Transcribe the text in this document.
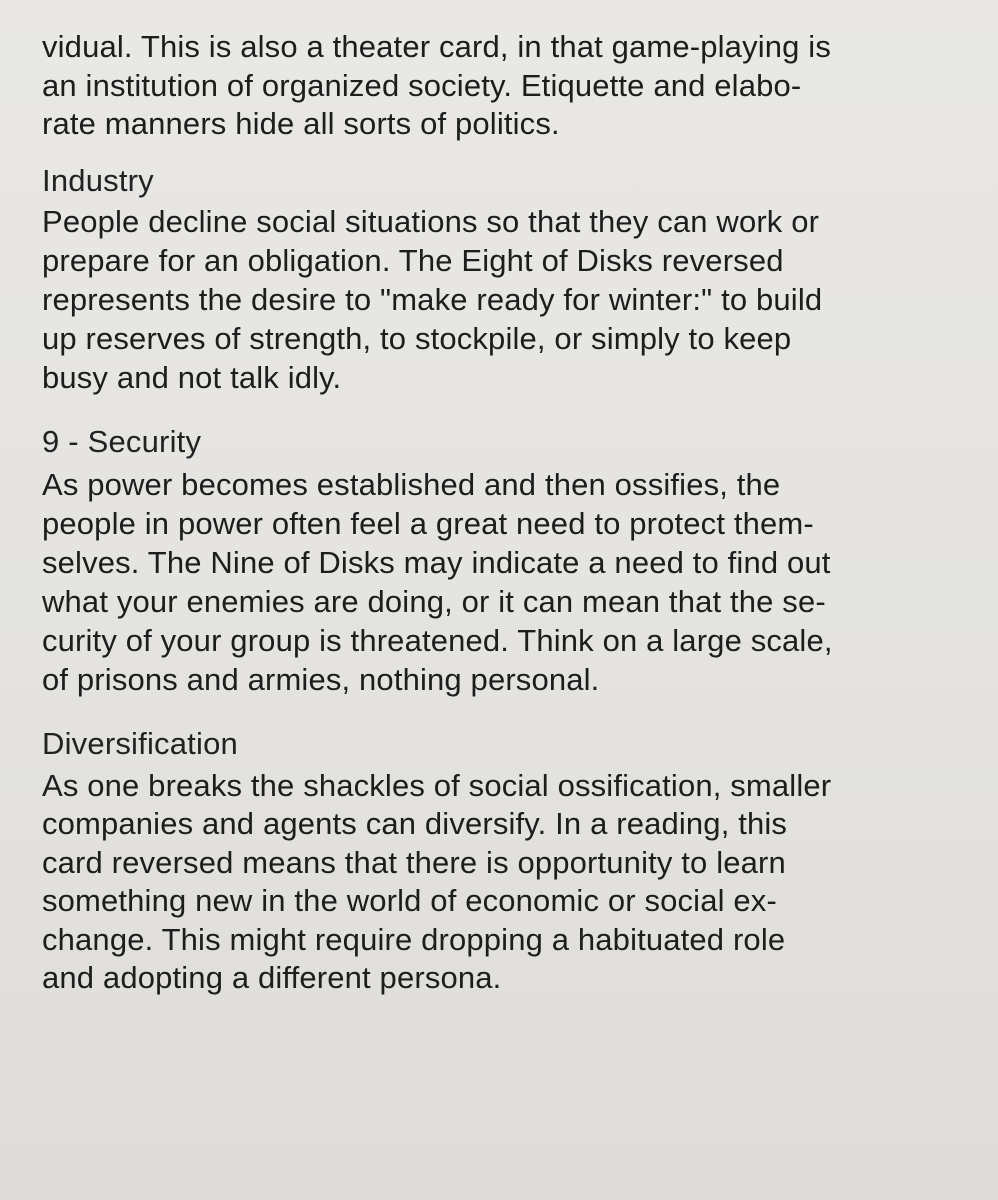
vidual. This is also a theater card, in that game-playing is
an institution of organized society. Etiquette and elabo-
rate manners hide all sorts of politics.
Industry
People decline social situations so that they can work or
prepare for an obligation. The Eight of Disks reversed
represents the desire to "make ready for winter:" to build
up reserves of strength, to stockpile, or simply to keep
busy and not talk idly.
9 - Security
As power becomes established and then ossifies, the
people in power often feel a great need to protect them-
selves. The Nine of Disks may indicate a need to find out
what your enemies are doing, or it can mean that the se-
curity of your group is threatened. Think on a large scale,
of prisons and armies, nothing personal.
Diversification
As one breaks the shackles of social ossification, smaller
companies and agents can diversify. In a reading, this
card reversed means that there is opportunity to learn
something new in the world of economic or social ex-
change. This might require dropping a habituated role
and adopting a different persona.
